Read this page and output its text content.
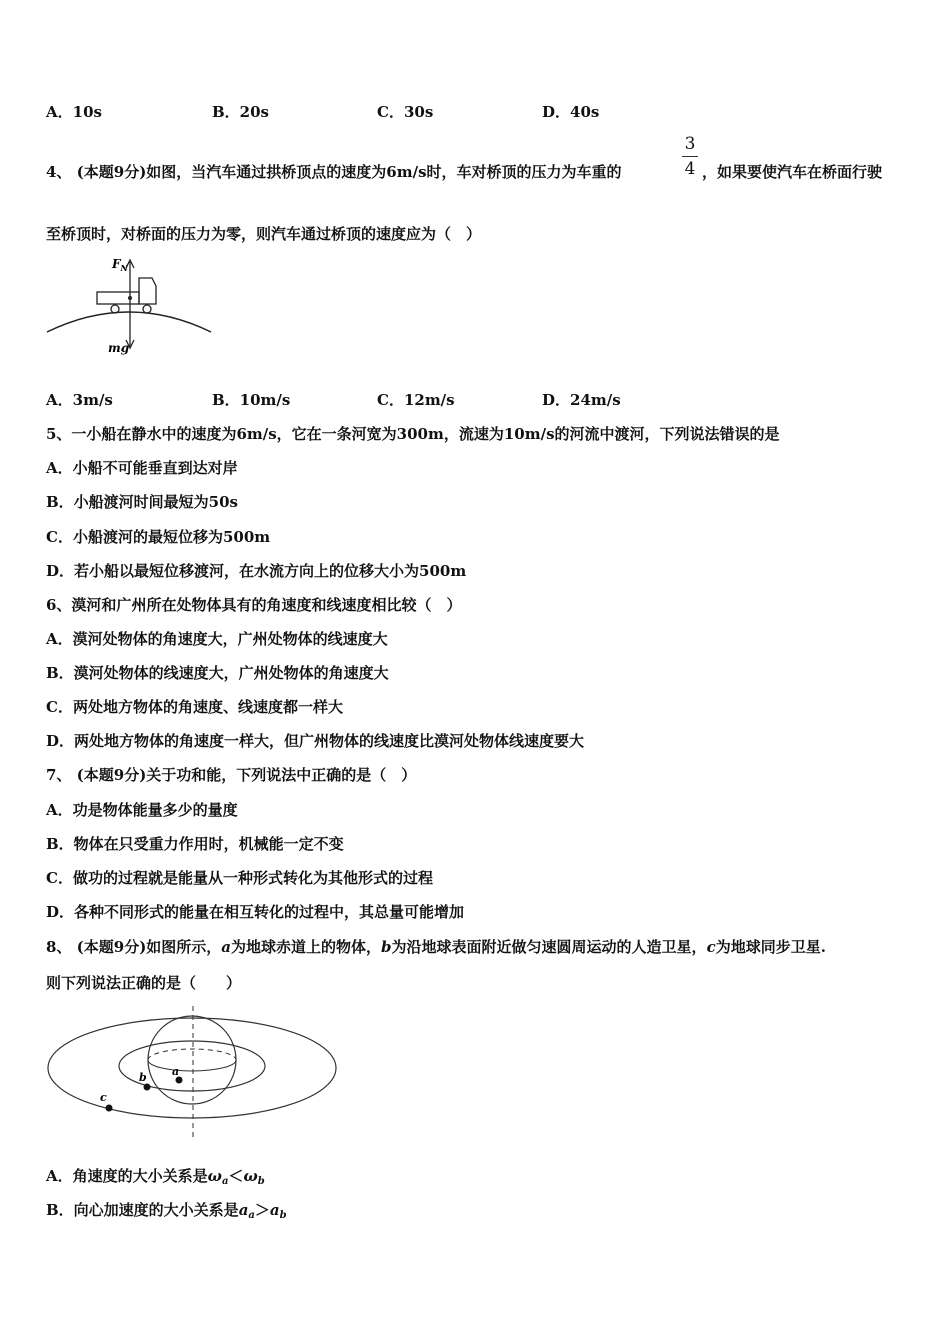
A．10s	B．20s	C．30s	D．40s
4、 (本题9分)如图，当汽车通过拱桥顶点的速度为6m/s时，车对桥顶的压力为车重的
3
4 ，如果要使汽车在桥面行驶
至桥顶时，对桥面的压力为零，则汽车通过桥顶的速度应为（　）
$F_N$
mg
A．3m/s	B．10m/s	C．12m/s	D．24m/s
5、一小船在静水中的速度为6m/s，它在一条河宽为300m，流速为10m/s的河流中渡河，下列说法错误的是
A．小船不可能垂直到达对岸
B．小船渡河时间最短为50s
C．小船渡河的最短位移为500m
D．若小船以最短位移渡河，在水流方向上的位移大小为500m
6、漠河和广州所在处物体具有的角速度和线速度相比较（　）
A．漠河处物体的角速度大，广州处物体的线速度大
B．漠河处物体的线速度大，广州处物体的角速度大
C．两处地方物体的角速度、线速度都一样大
D．两处地方物体的角速度一样大，但广州物体的线速度比漠河处物体线速度要大
7、 (本题9分)关于功和能，下列说法中正确的是（　）
A．功是物体能量多少的量度
B．物体在只受重力作用时，机械能一定不变
C．做功的过程就是能量从一种形式转化为其他形式的过程
D．各种不同形式的能量在相互转化的过程中，其总量可能增加
8、 (本题9分)如图所示，a为地球赤道上的物体，b为沿地球表面附近做匀速圆周运动的人造卫星，c为地球同步卫星.
则下列说法正确的是（　　）
a
b
c
A．角速度的大小关系是$\omega_a<\omega_b$
B．向心加速度的大小关系是$a_a>a_b$
